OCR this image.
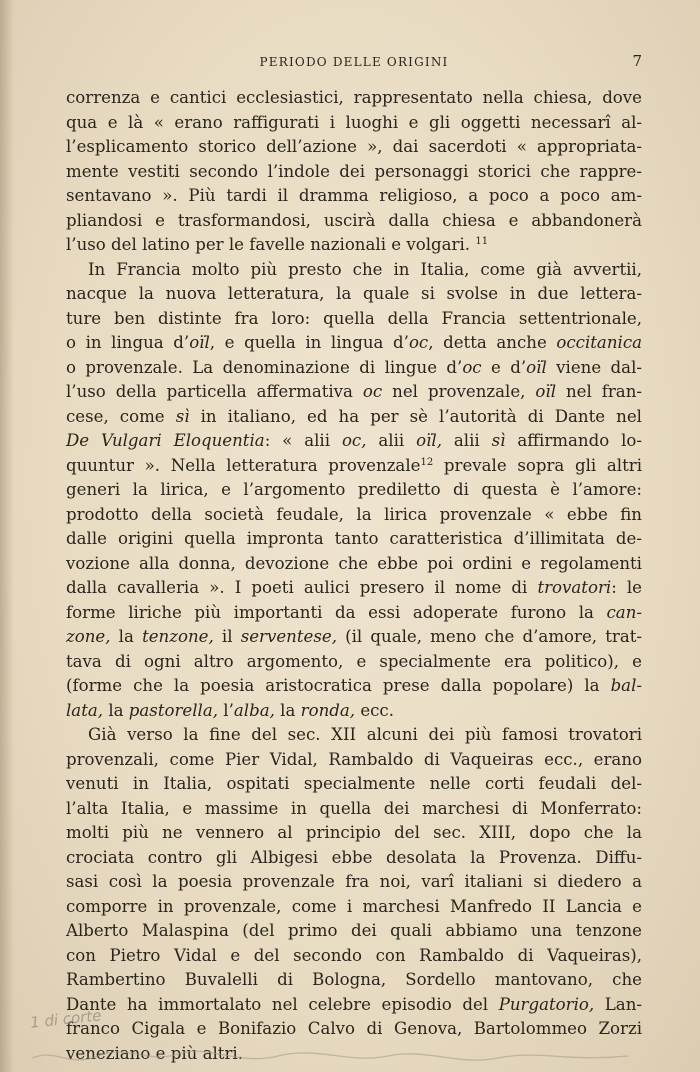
PERIODO DELLE ORIGINI	7
correnza e cantici ecclesiastici, rappresentato nella chiesa, dove
qua e là « erano raffigurati i luoghi e gli oggetti necessarî al-
l’esplicamento storico dell’azione », dai sacerdoti « appropriata-
mente vestiti secondo l’indole dei personaggi storici che rappre-
sentavano ». Più tardi il dramma religioso, a poco a poco am-
pliandosi e trasformandosi, uscirà dalla chiesa e abbandonerà
l’uso del latino per le favelle nazionali e volgari. $^{11}$
In Francia molto più presto che in Italia, come già avvertii,
nacque la nuova letteratura, la quale si svolse in due lettera-
ture ben distinte fra loro: quella della Francia settentrionale,
o in lingua d’oïl, e quella in lingua d’oc, detta anche occitanica
o provenzale. La denominazione di lingue d’oc e d’oïl viene dal-
l’uso della particella affermativa oc nel provenzale, oïl nel fran-
cese, come sì in italiano, ed ha per sè l’autorità di Dante nel
De Vulgari Eloquentia: « alii oc, alii oïl, alii sì affirmando lo-
quuntur ». Nella letteratura provenzale$^{12}$ prevale sopra gli altri
generi la lirica, e l’argomento prediletto di questa è l’amore:
prodotto della società feudale, la lirica provenzale « ebbe fin
dalle origini quella impronta tanto caratteristica d’illimitata de-
vozione alla donna, devozione che ebbe poi ordini e regolamenti
dalla cavalleria ». I poeti aulici presero il nome di trovatori: le
forme liriche più importanti da essi adoperate furono la can-
zone, la tenzone, il serventese, (il quale, meno che d’amore, trat-
tava di ogni altro argomento, e specialmente era politico), e
(forme che la poesia aristocratica prese dalla popolare) la bal-
lata, la pastorella, l’alba, la ronda, ecc.
Già verso la fine del sec. XII alcuni dei più famosi trovatori
provenzali, come Pier Vidal, Rambaldo di Vaqueiras ecc., erano
venuti in Italia, ospitati specialmente nelle corti feudali del-
l’alta Italia, e massime in quella dei marchesi di Monferrato:
molti più ne vennero al principio del sec. XIII, dopo che la
crociata contro gli Albigesi ebbe desolata la Provenza. Diffu-
sasi così la poesia provenzale fra noi, varî italiani si diedero a
comporre in provenzale, come i marchesi Manfredo II Lancia e
Alberto Malaspina (del primo dei quali abbiamo una tenzone
con Pietro Vidal e del secondo con Rambaldo di Vaqueiras),
Rambertino Buvalelli di Bologna, Sordello mantovano, che
Dante ha immortalato nel celebre episodio del Purgatorio, Lan-
franco Cigala e Bonifazio Calvo di Genova, Bartolommeo Zorzi
veneziano e più altri.
1 di corte
